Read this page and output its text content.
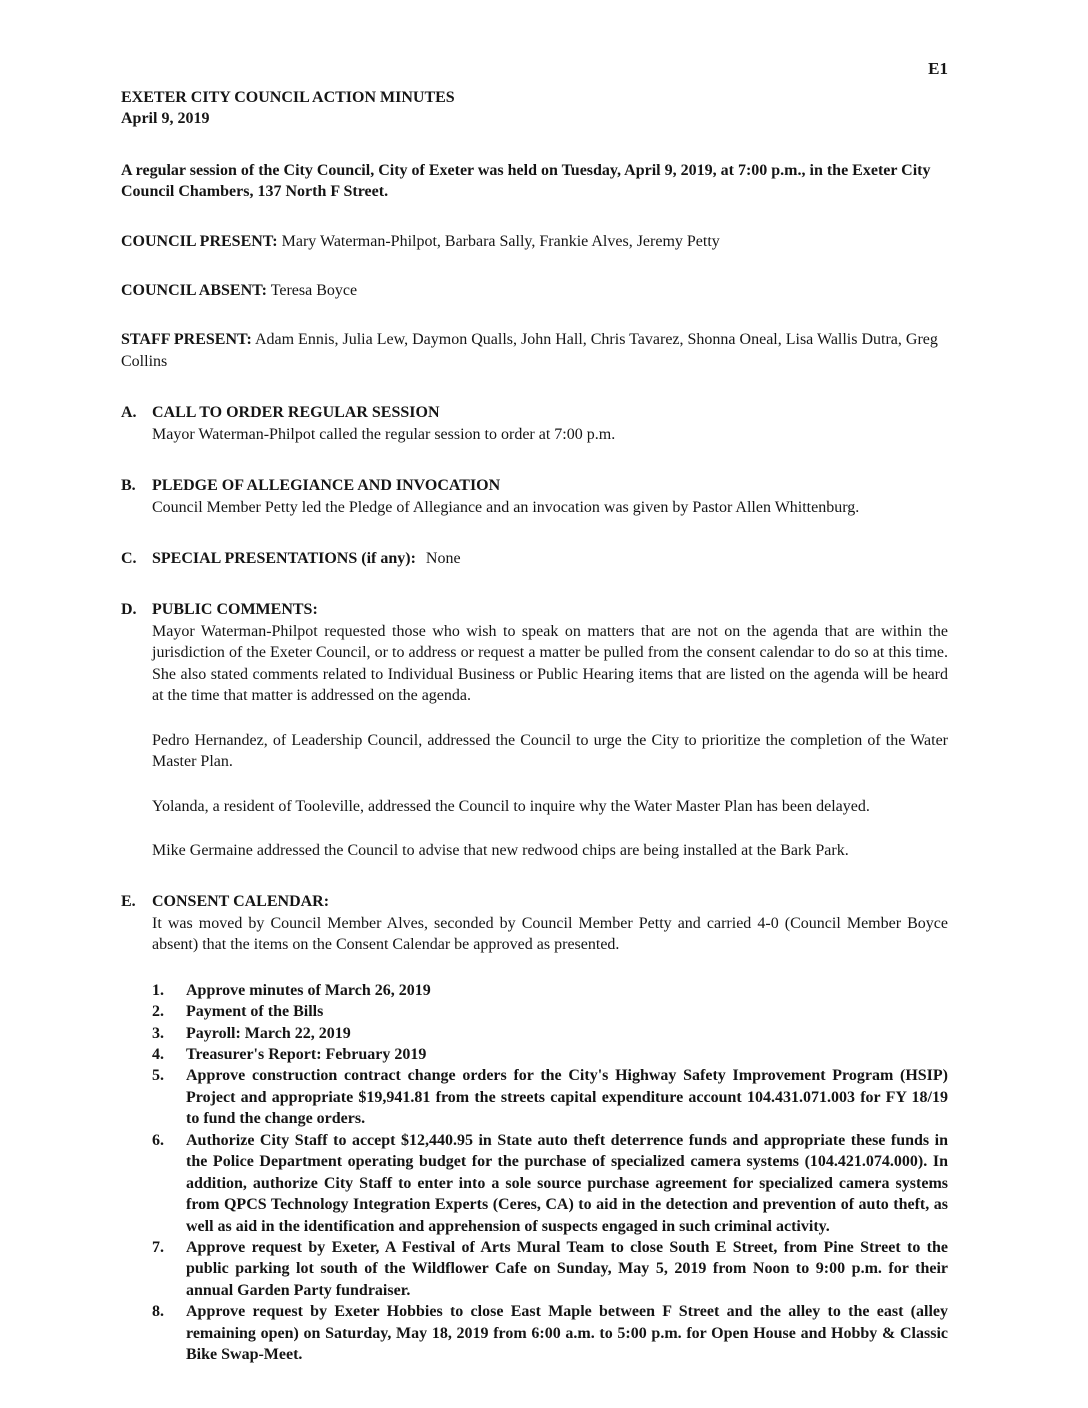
E1
EXETER CITY COUNCIL ACTION MINUTES
April 9, 2019

A regular session of the City Council, City of Exeter was held on Tuesday, April 9, 2019, at 7:00 p.m., in the Exeter City Council Chambers, 137 North F Street.

COUNCIL PRESENT: Mary Waterman-Philpot, Barbara Sally, Frankie Alves, Jeremy Petty

COUNCIL ABSENT: Teresa Boyce

STAFF PRESENT: Adam Ennis, Julia Lew, Daymon Qualls, John Hall, Chris Tavarez, Shonna Oneal, Lisa Wallis Dutra, Greg Collins

A. CALL TO ORDER REGULAR SESSION

Mayor Waterman-Philpot called the regular session to order at 7:00 p.m.

B.	PLEDGE OF ALLEGIANCE AND INVOCATION

Council Member Petty led the Pledge of Allegiance and an invocation was given by Pastor Allen Whittenburg.

C. SPECIAL PRESENTATIONS (if any): None
D. PUBLIC COMMENTS:

Mayor Waterman-Philpot requested those who wish to speak on matters that are not on the agenda that are within the jurisdiction of the Exeter Council, or to address or request a matter be pulled from the consent calendar to do so at this time. She also stated comments related to Individual Business or Public Hearing items that are listed on the agenda will be heard at the time that matter is addressed on the agenda.

Pedro Hernandez, of Leadership Council, addressed the Council to urge the City to prioritize the completion of the Water Master Plan.

Yolanda, a resident of Tooleville, addressed the Council to inquire why the Water Master Plan has been delayed.

Mike Germaine addressed the Council to advise that new redwood chips are being installed at the Bark Park.

E.	CONSENT CALENDAR:

It was moved by Council Member Alves, seconded by Council Member Petty and carried 4-0 (Council Member Boyce absent) that the items on the Consent Calendar be approved as presented.

1.	Approve minutes of March 26, 2019
2.	Payment of the Bills
3.	Payroll: March 22, 2019
4.	Treasurer's Report: February 2019
5.	Approve construction contract change orders for the City's Highway Safety Improvement Program (HSIP) Project and appropriate $19,941.81 from the streets capital expenditure account 104.431.071.003 for FY 18/19 to fund the change orders.
6.	Authorize City Staff to accept $12,440.95 in State auto theft deterrence funds and appropriate these funds in the Police Department operating budget for the purchase of specialized camera systems (104.421.074.000). In addition, authorize City Staff to enter into a sole source purchase agreement for specialized camera systems from QPCS Technology Integration Experts (Ceres, CA) to aid in the detection and prevention of auto theft, as well as aid in the identification and apprehension of suspects engaged in such criminal activity.
7.	Approve request by Exeter, A Festival of Arts Mural Team to close South E Street, from Pine Street to the public parking lot south of the Wildflower Cafe on Sunday, May 5, 2019 from Noon to 9:00 p.m. for their annual Garden Party fundraiser.
8.	Approve request by Exeter Hobbies to close East Maple between F Street and the alley to the east (alley remaining open) on Saturday, May 18, 2019 from 6:00 a.m. to 5:00 p.m. for Open House and Hobby & Classic Bike Swap-Meet.
